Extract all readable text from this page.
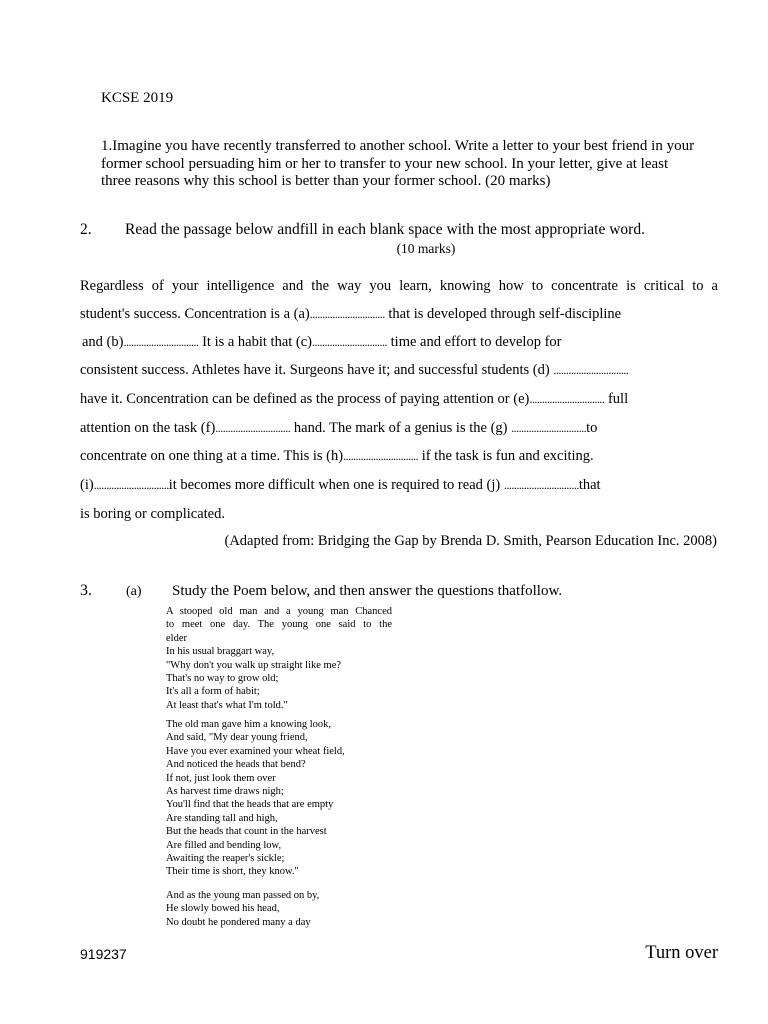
KCSE 2019
1.Imagine you have recently transferred to another school. Write a letter to your best friend in your former school persuading him or her to transfer to your new school. In your letter, give at least three reasons why this school is better than your former school. (20 marks)
2. Read the passage below andfill in each blank space with the most appropriate word.
(10 marks)
Regardless of your intelligence and the way you learn, knowing how to concentrate is critical to a
student's success. Concentration is a (a).............................. that is developed through self-discipline
and (b).............................. It is a habit that (c).............................. time and effort to develop for
consistent success. Athletes have it. Surgeons have it; and successful students (d) ..............................
have it. Concentration can be defined as the process of paying attention or (e).............................. full
attention on the task (f).............................. hand. The mark of a genius is the (g) ..............................to
concentrate on one thing at a time. This is (h).............................. if the task is fun and exciting.
(i)..............................it becomes more difficult when one is required to read (j) ..............................that
is boring or complicated.
(Adapted from: Bridging the Gap by Brenda D. Smith, Pearson Education Inc. 2008)
3. (a) Study the Poem below, and then answer the questions thatfollow.
A stooped old man and a young man Chanced
to meet one day. The young one said to the
elder
In his usual braggart way,
"Why don't you walk up straight like me?
That's no way to grow old;
It's all a form of habit;
At least that's what I'm told."
The old man gave him a knowing look,
And said, "My dear young friend,
Have you ever examined your wheat field,
And noticed the heads that bend?
If not, just look them over
As harvest time draws nigh;
You'll find that the heads that are empty
Are standing tall and high,
But the heads that count in the harvest
Are filled and bending low,
Awaiting the reaper's sickle;
Their time is short, they know."
And as the young man passed on by,
He slowly bowed his head,
No doubt he pondered many a day
919237	Turn over
